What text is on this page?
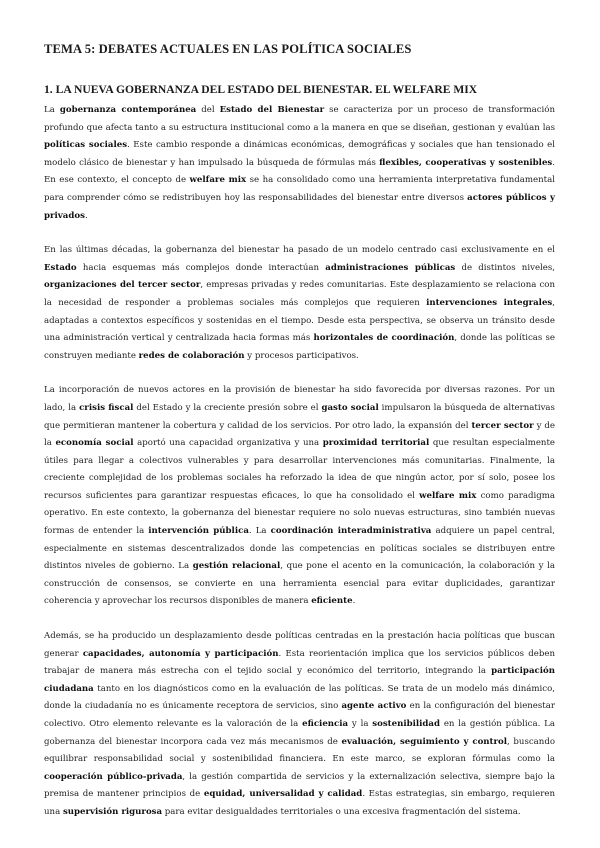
TEMA 5: DEBATES ACTUALES EN LAS POLÍTICA SOCIALES
1. LA NUEVA GOBERNANZA DEL ESTADO DEL BIENESTAR. EL WELFARE MIX

La gobernanza contemporánea del Estado del Bienestar se caracteriza por un proceso de transformación profundo que afecta tanto a su estructura institucional como a la manera en que se diseñan, gestionan y evalúan las políticas sociales. Este cambio responde a dinámicas económicas, demográficas y sociales que han tensionado el modelo clásico de bienestar y han impulsado la búsqueda de fórmulas más flexibles, cooperativas y sostenibles. En ese contexto, el concepto de welfare mix se ha consolidado como una herramienta interpretativa fundamental para comprender cómo se redistribuyen hoy las responsabilidades del bienestar entre diversos actores públicos y privados.

En las últimas décadas, la gobernanza del bienestar ha pasado de un modelo centrado casi exclusivamente en el Estado hacia esquemas más complejos donde interactúan administraciones públicas de distintos niveles, organizaciones del tercer sector, empresas privadas y redes comunitarias. Este desplazamiento se relaciona con la necesidad de responder a problemas sociales más complejos que requieren intervenciones integrales, adaptadas a contextos específicos y sostenidas en el tiempo. Desde esta perspectiva, se observa un tránsito desde una administración vertical y centralizada hacia formas más horizontales de coordinación, donde las políticas se construyen mediante redes de colaboración y procesos participativos.

La incorporación de nuevos actores en la provisión de bienestar ha sido favorecida por diversas razones. Por un lado, la crisis fiscal del Estado y la creciente presión sobre el gasto social impulsaron la búsqueda de alternativas que permitieran mantener la cobertura y calidad de los servicios. Por otro lado, la expansión del tercer sector y de la economía social aportó una capacidad organizativa y una proximidad territorial que resultan especialmente útiles para llegar a colectivos vulnerables y para desarrollar intervenciones más comunitarias. Finalmente, la creciente complejidad de los problemas sociales ha reforzado la idea de que ningún actor, por sí solo, posee los recursos suficientes para garantizar respuestas eficaces, lo que ha consolidado el welfare mix como paradigma operativo. En este contexto, la gobernanza del bienestar requiere no solo nuevas estructuras, sino también nuevas formas de entender la intervención pública. La coordinación interadministrativa adquiere un papel central, especialmente en sistemas descentralizados donde las competencias en políticas sociales se distribuyen entre distintos niveles de gobierno. La gestión relacional, que pone el acento en la comunicación, la colaboración y la construcción de consensos, se convierte en una herramienta esencial para evitar duplicidades, garantizar coherencia y aprovechar los recursos disponibles de manera eficiente.

Además, se ha producido un desplazamiento desde políticas centradas en la prestación hacia políticas que buscan generar capacidades, autonomía y participación. Esta reorientación implica que los servicios públicos deben trabajar de manera más estrecha con el tejido social y económico del territorio, integrando la participación ciudadana tanto en los diagnósticos como en la evaluación de las políticas. Se trata de un modelo más dinámico, donde la ciudadanía no es únicamente receptora de servicios, sino agente activo en la configuración del bienestar colectivo. Otro elemento relevante es la valoración de la eficiencia y la sostenibilidad en la gestión pública. La gobernanza del bienestar incorpora cada vez más mecanismos de evaluación, seguimiento y control, buscando equilibrar responsabilidad social y sostenibilidad financiera. En este marco, se exploran fórmulas como la cooperación público-privada, la gestión compartida de servicios y la externalización selectiva, siempre bajo la premisa de mantener principios de equidad, universalidad y calidad. Estas estrategias, sin embargo, requieren una supervisión rigurosa para evitar desigualdades territoriales o una excesiva fragmentación del sistema.
